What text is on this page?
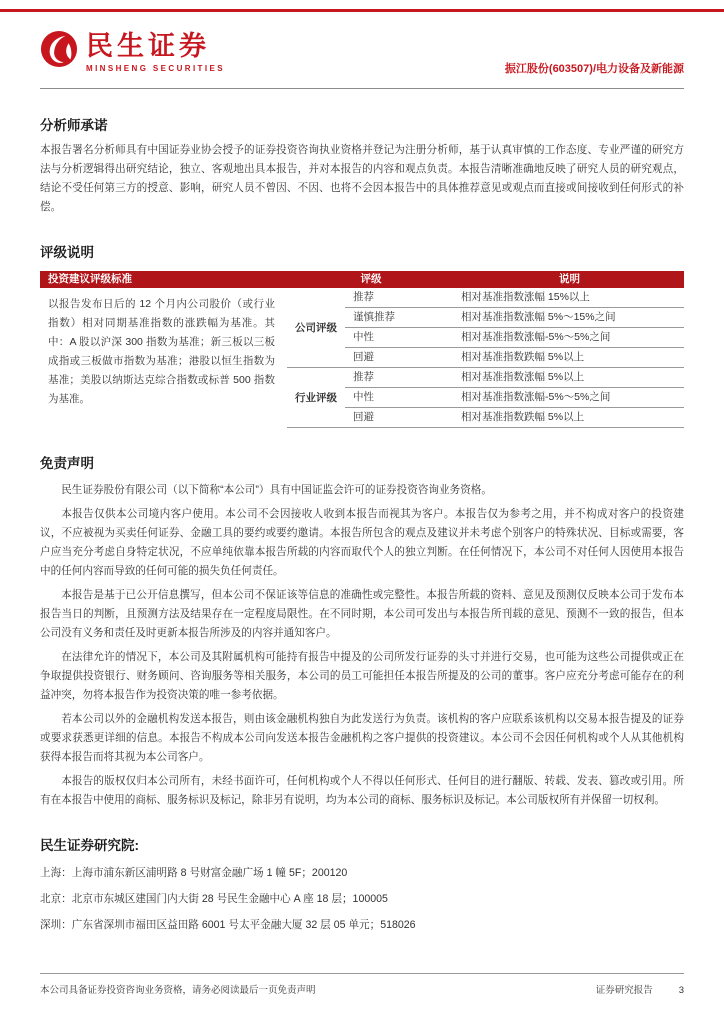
民生证券
MINSHENG SECURITIES	振江股份(603507)/电力设备及新能源
分析师承诺

本报告署名分析师具有中国证券业协会授予的证券投资咨询执业资格并登记为注册分析师，基于认真审慎的工作态度、专业严谨的研究方法与分析逻辑得出研究结论，独立、客观地出具本报告，并对本报告的内容和观点负责。本报告清晰准确地反映了研究人员的研究观点，结论不受任何第三方的授意、影响，研究人员不曾因、不因、也将不会因本报告中的具体推荐意见或观点而直接或间接收到任何形式的补偿。

评级说明
投资建议评级标准	评级	说明
以报告发布日后的 12 个月内公司股价（或行业指数）相对同期基准指数的涨跌幅为基准。其中：A 股以沪深 300 指数为基准；新三板以三板成指或三板做市指数为基准；港股以恒生指数为基准；美股以纳斯达克综合指数或标普 500 指数为基准。
公司评级
推荐	相对基准指数涨幅 15%以上
谨慎推荐	相对基准指数涨幅 5%～15%之间
中性	相对基准指数涨幅-5%～5%之间
回避	相对基准指数跌幅 5%以上
行业评级
推荐	相对基准指数涨幅 5%以上
中性	相对基准指数涨幅-5%～5%之间
回避	相对基准指数跌幅 5%以上
免责声明

民生证券股份有限公司（以下简称“本公司”）具有中国证监会许可的证券投资咨询业务资格。

本报告仅供本公司境内客户使用。本公司不会因接收人收到本报告而视其为客户。本报告仅为参考之用，并不构成对客户的投资建议，不应被视为买卖任何证券、金融工具的要约或要约邀请。本报告所包含的观点及建议并未考虑个别客户的特殊状况、目标或需要，客户应当充分考虑自身特定状况，不应单纯依靠本报告所载的内容而取代个人的独立判断。在任何情况下，本公司不对任何人因使用本报告中的任何内容而导致的任何可能的损失负任何责任。

本报告是基于已公开信息撰写，但本公司不保证该等信息的准确性或完整性。本报告所载的资料、意见及预测仅反映本公司于发布本报告当日的判断，且预测方法及结果存在一定程度局限性。在不同时期，本公司可发出与本报告所刊载的意见、预测不一致的报告，但本公司没有义务和责任及时更新本报告所涉及的内容并通知客户。

在法律允许的情况下，本公司及其附属机构可能持有报告中提及的公司所发行证券的头寸并进行交易，也可能为这些公司提供或正在争取提供投资银行、财务顾问、咨询服务等相关服务，本公司的员工可能担任本报告所提及的公司的董事。客户应充分考虑可能存在的利益冲突，勿将本报告作为投资决策的唯一参考依据。

若本公司以外的金融机构发送本报告，则由该金融机构独自为此发送行为负责。该机构的客户应联系该机构以交易本报告提及的证券或要求获悉更详细的信息。本报告不构成本公司向发送本报告金融机构之客户提供的投资建议。本公司不会因任何机构或个人从其他机构获得本报告而将其视为本公司客户。

本报告的版权仅归本公司所有，未经书面许可，任何机构或个人不得以任何形式、任何目的进行翻版、转载、发表、篡改或引用。所有在本报告中使用的商标、服务标识及标记，除非另有说明，均为本公司的商标、服务标识及标记。本公司版权所有并保留一切权利。

民生证券研究院:
上海：上海市浦东新区浦明路 8 号财富金融广场 1 幢 5F；200120
北京：北京市东城区建国门内大街 28 号民生金融中心 A 座 18 层；100005
深圳：广东省深圳市福田区益田路 6001 号太平金融大厦 32 层 05 单元；518026
本公司具备证券投资咨询业务资格，请务必阅读最后一页免责声明	证券研究报告	3
